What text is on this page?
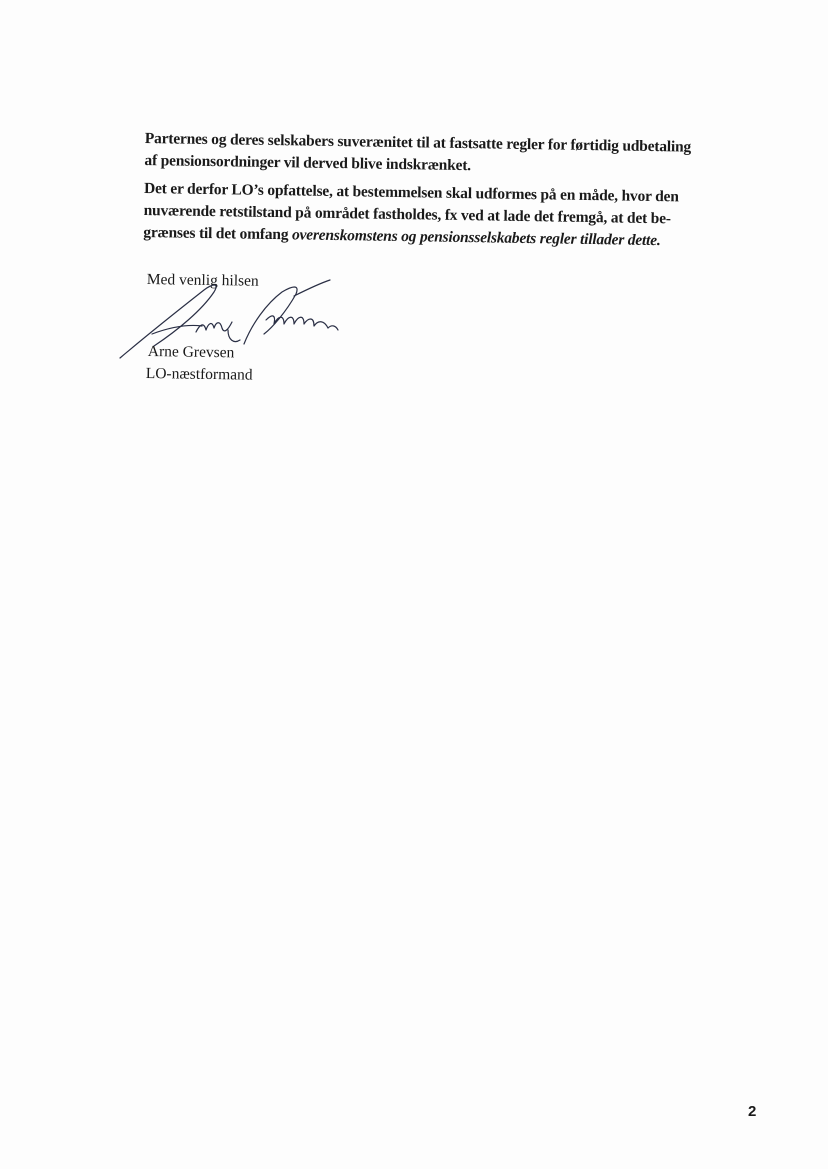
Parternes og deres selskabers suverænitet til at fastsatte regler for førtidig udbetaling
af pensionsordninger vil derved blive indskrænket.

Det er derfor LO’s opfattelse, at bestemmelsen skal udformes på en måde, hvor den
nuværende retstilstand på området fastholdes, fx ved at lade det fremgå, at det be-
grænses til det omfang overenskomstens og pensionsselskabets regler tillader dette.

Med venlig hilsen
Arne Grevsen
LO-næstformand
2
